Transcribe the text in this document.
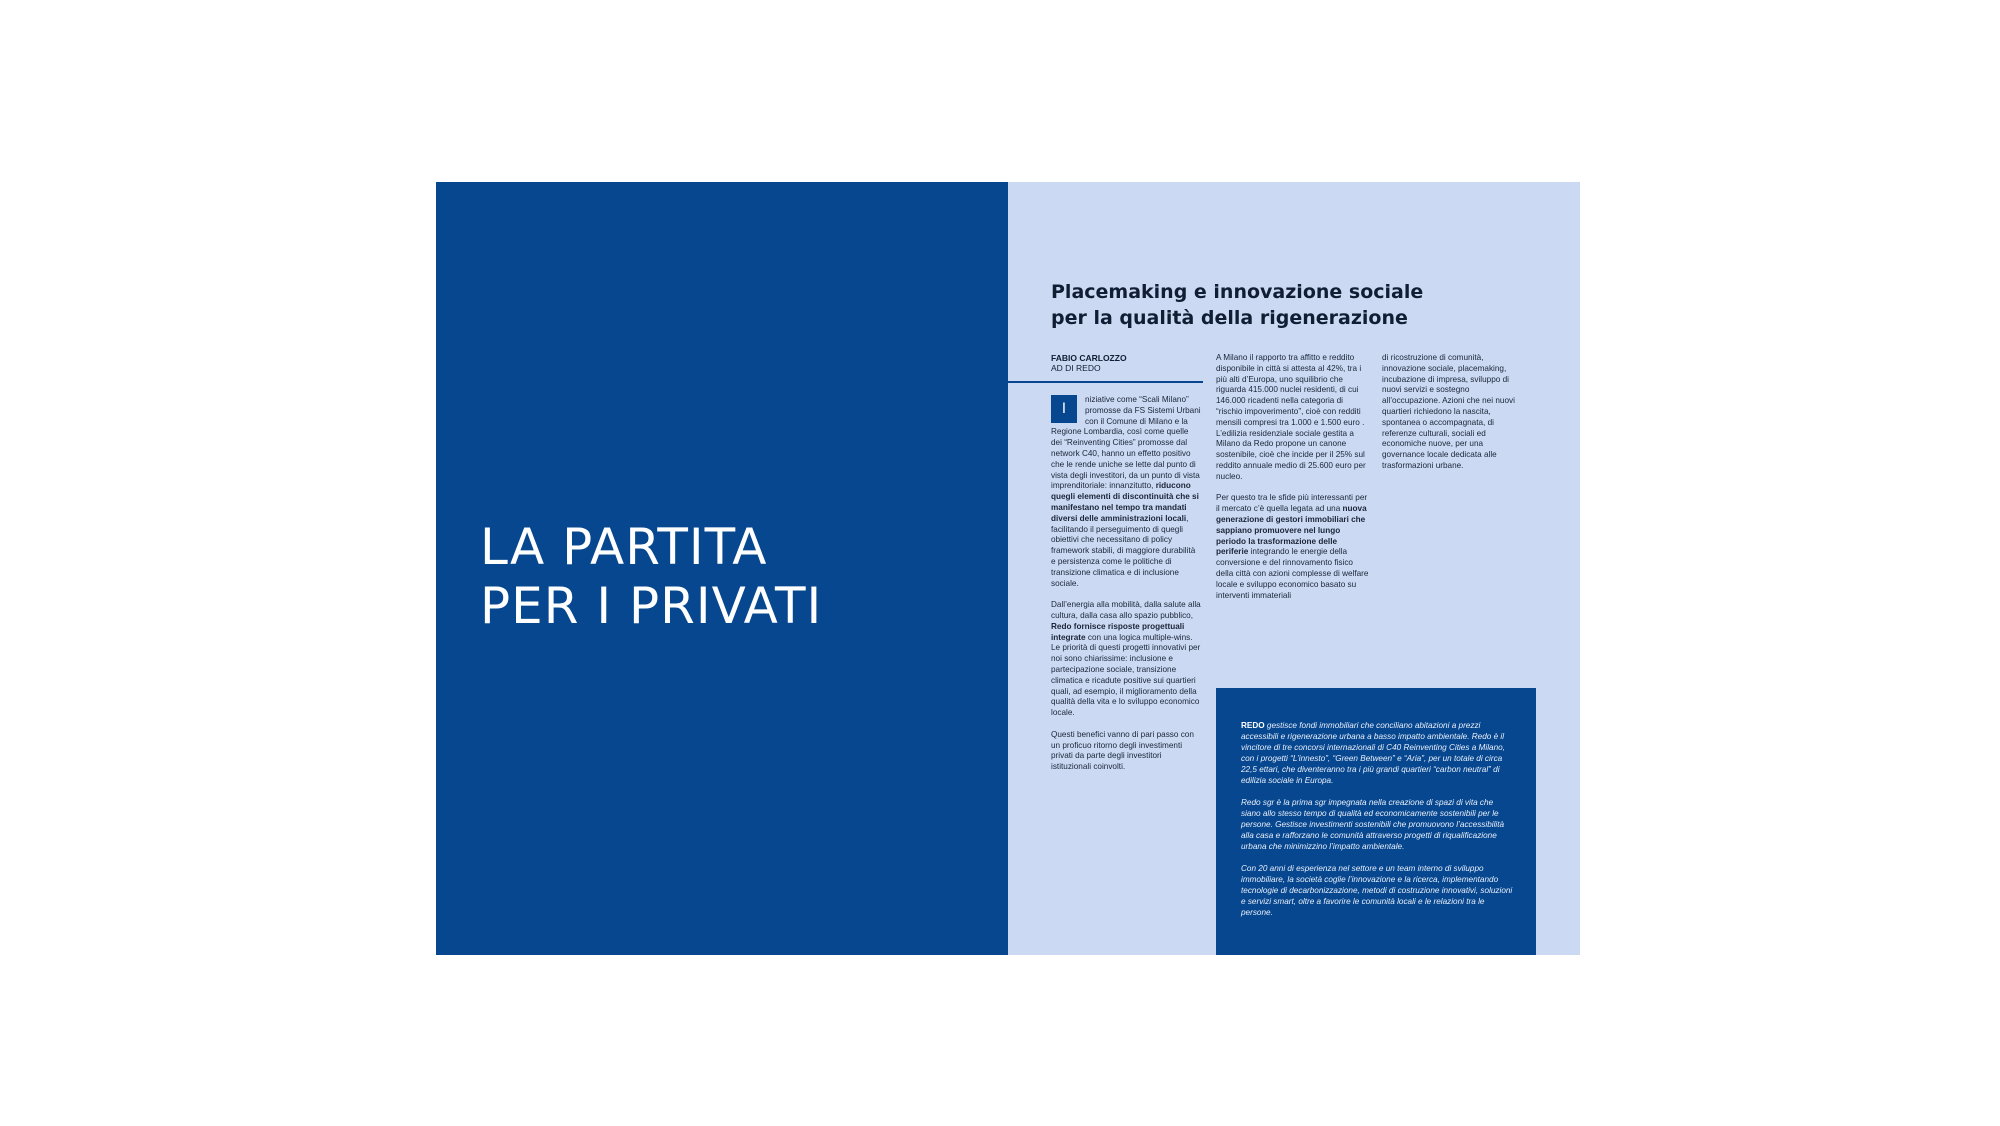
LA PARTITA
PER I PRIVATI
Placemaking e innovazione sociale
per la qualità della rigenerazione
FABIO CARLOZZO
AD DI REDO

I
niziative come “Scali Milano” promosse da FS Sistemi Urbani con il Comune di Milano e la Regione Lombardia, così come quelle dei “Reinventing Cities” promosse dal network C40, hanno un effetto positivo che le rende uniche se lette dal punto di vista degli investitori, da un punto di vista imprenditoriale: innanzitutto, riducono quegli elementi di discontinuità che si manifestano nel tempo tra mandati diversi delle amministrazioni locali, facilitando il perseguimento di quegli obiettivi che necessitano di policy framework stabili, di maggiore durabilità e persistenza come le politiche di transizione climatica e di inclusione sociale.

Dall’energia alla mobilità, dalla salute alla cultura, dalla casa allo spazio pubblico, Redo fornisce risposte progettuali integrate con una logica multiple-wins.
Le priorità di questi progetti innovativi per noi sono chiarissime: inclusione e partecipazione sociale, transizione climatica e ricadute positive sui quartieri quali, ad esempio, il miglioramento della qualità della vita e lo sviluppo economico locale.

Questi benefici vanno di pari passo con un proficuo ritorno degli investimenti privati da parte degli investitori istituzionali coinvolti.

A Milano il rapporto tra affitto e reddito disponibile in città si attesta al 42%, tra i più alti d’Europa, uno squilibrio che riguarda 415.000 nuclei residenti, di cui 146.000 ricadenti nella categoria di “rischio impoverimento”, cioè con redditi mensili compresi tra 1.000 e 1.500 euro . L’edilizia residenziale sociale gestita a Milano da Redo propone un canone sostenibile, cioè che incide per il 25% sul reddito annuale medio di 25.600 euro per nucleo.

Per questo tra le sfide più interessanti per il mercato c’è quella legata ad una nuova generazione di gestori immobiliari che sappiano promuovere nel lungo periodo la trasformazione delle periferie integrando le energie della conversione e del rinnovamento fisico della città con azioni complesse di welfare locale e sviluppo economico basato su interventi immateriali

di ricostruzione di comunità, innovazione sociale, placemaking, incubazione di impresa, sviluppo di nuovi servizi e sostegno all’occupazione. Azioni che nei nuovi quartieri richiedono la nascita, spontanea o accompagnata, di referenze culturali, sociali ed economiche nuove, per una governance locale dedicata alle trasformazioni urbane.

REDO gestisce fondi immobiliari che conciliano abitazioni a prezzi accessibili e rigenerazione urbana a basso impatto ambientale. Redo è il vincitore di tre concorsi internazionali di C40 Reinventing Cities a Milano, con i progetti “L’innesto”, “Green Between” e “Aria”, per un totale di circa 22,5 ettari, che diventeranno tra i più grandi quartieri “carbon neutral” di edilizia sociale in Europa.

Redo sgr è la prima sgr impegnata nella creazione di spazi di vita che siano allo stesso tempo di qualità ed economicamente sostenibili per le persone. Gestisce investimenti sostenibili che promuovono l’accessibilità alla casa e rafforzano le comunità attraverso progetti di riqualificazione urbana che minimizzino l’impatto ambientale.

Con 20 anni di esperienza nel settore e un team interno di sviluppo immobiliare, la società coglie l’innovazione e la ricerca, implementando tecnologie di decarbonizzazione, metodi di costruzione innovativi, soluzioni e servizi smart, oltre a favorire le comunità locali e le relazioni tra le persone.
